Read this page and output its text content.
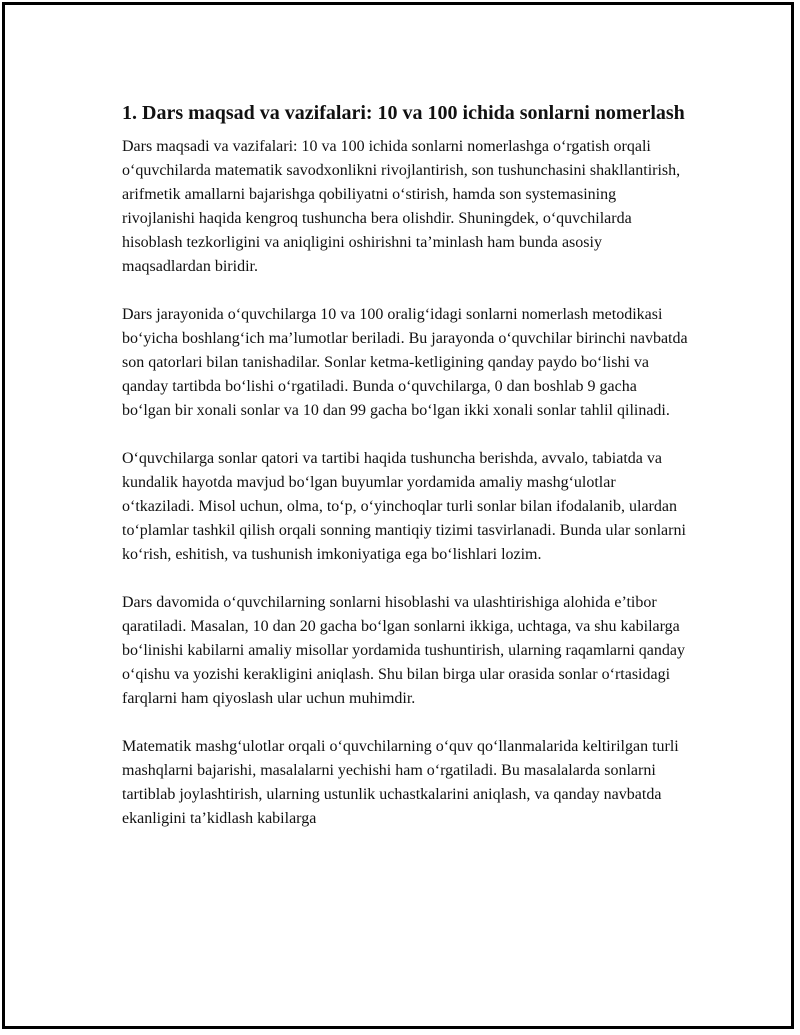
1. Dars maqsad va vazifalari: 10 va 100 ichida sonlarni nomerlash

Dars maqsadi va vazifalari: 10 va 100 ichida sonlarni nomerlashga o‘rgatish orqali o‘quvchilarda matematik savodxonlikni rivojlantirish, son tushunchasini shakllantirish, arifmetik amallarni bajarishga qobiliyatni o‘stirish, hamda son systemasining rivojlanishi haqida kengroq tushuncha bera olishdir. Shuningdek, o‘quvchilarda hisoblash tezkorligini va aniqligini oshirishni ta’minlash ham bunda asosiy maqsadlardan biridir.

Dars jarayonida o‘quvchilarga 10 va 100 oralig‘idagi sonlarni nomerlash metodikasi bo‘yicha boshlang‘ich ma’lumotlar beriladi. Bu jarayonda o‘quvchilar birinchi navbatda son qatorlari bilan tanishadilar. Sonlar ketma-ketligining qanday paydo bo‘lishi va qanday tartibda bo‘lishi o‘rgatiladi. Bunda o‘quvchilarga, 0 dan boshlab 9 gacha bo‘lgan bir xonali sonlar va 10 dan 99 gacha bo‘lgan ikki xonali sonlar tahlil qilinadi.

O‘quvchilarga sonlar qatori va tartibi haqida tushuncha berishda, avvalo, tabiatda va kundalik hayotda mavjud bo‘lgan buyumlar yordamida amaliy mashg‘ulotlar o‘tkaziladi. Misol uchun, olma, to‘p, o‘yinchoqlar turli sonlar bilan ifodalanib, ulardan to‘plamlar tashkil qilish orqali sonning mantiqiy tizimi tasvirlanadi. Bunda ular sonlarni ko‘rish, eshitish, va tushunish imkoniyatiga ega bo‘lishlari lozim.

Dars davomida o‘quvchilarning sonlarni hisoblashi va ulashtirishiga alohida e’tibor qaratiladi. Masalan, 10 dan 20 gacha bo‘lgan sonlarni ikkiga, uchtaga, va shu kabilarga bo‘linishi kabilarni amaliy misollar yordamida tushuntirish, ularning raqamlarni qanday o‘qishu va yozishi kerakligini aniqlash. Shu bilan birga ular orasida sonlar o‘rtasidagi farqlarni ham qiyoslash ular uchun muhimdir.

Matematik mashg‘ulotlar orqali o‘quvchilarning o‘quv qo‘llanmalarida keltirilgan turli mashqlarni bajarishi, masalalarni yechishi ham o‘rgatiladi. Bu masalalarda sonlarni tartiblab joylashtirish, ularning ustunlik uchastkalarini aniqlash, va qanday navbatda ekanligini ta’kidlash kabilarga
